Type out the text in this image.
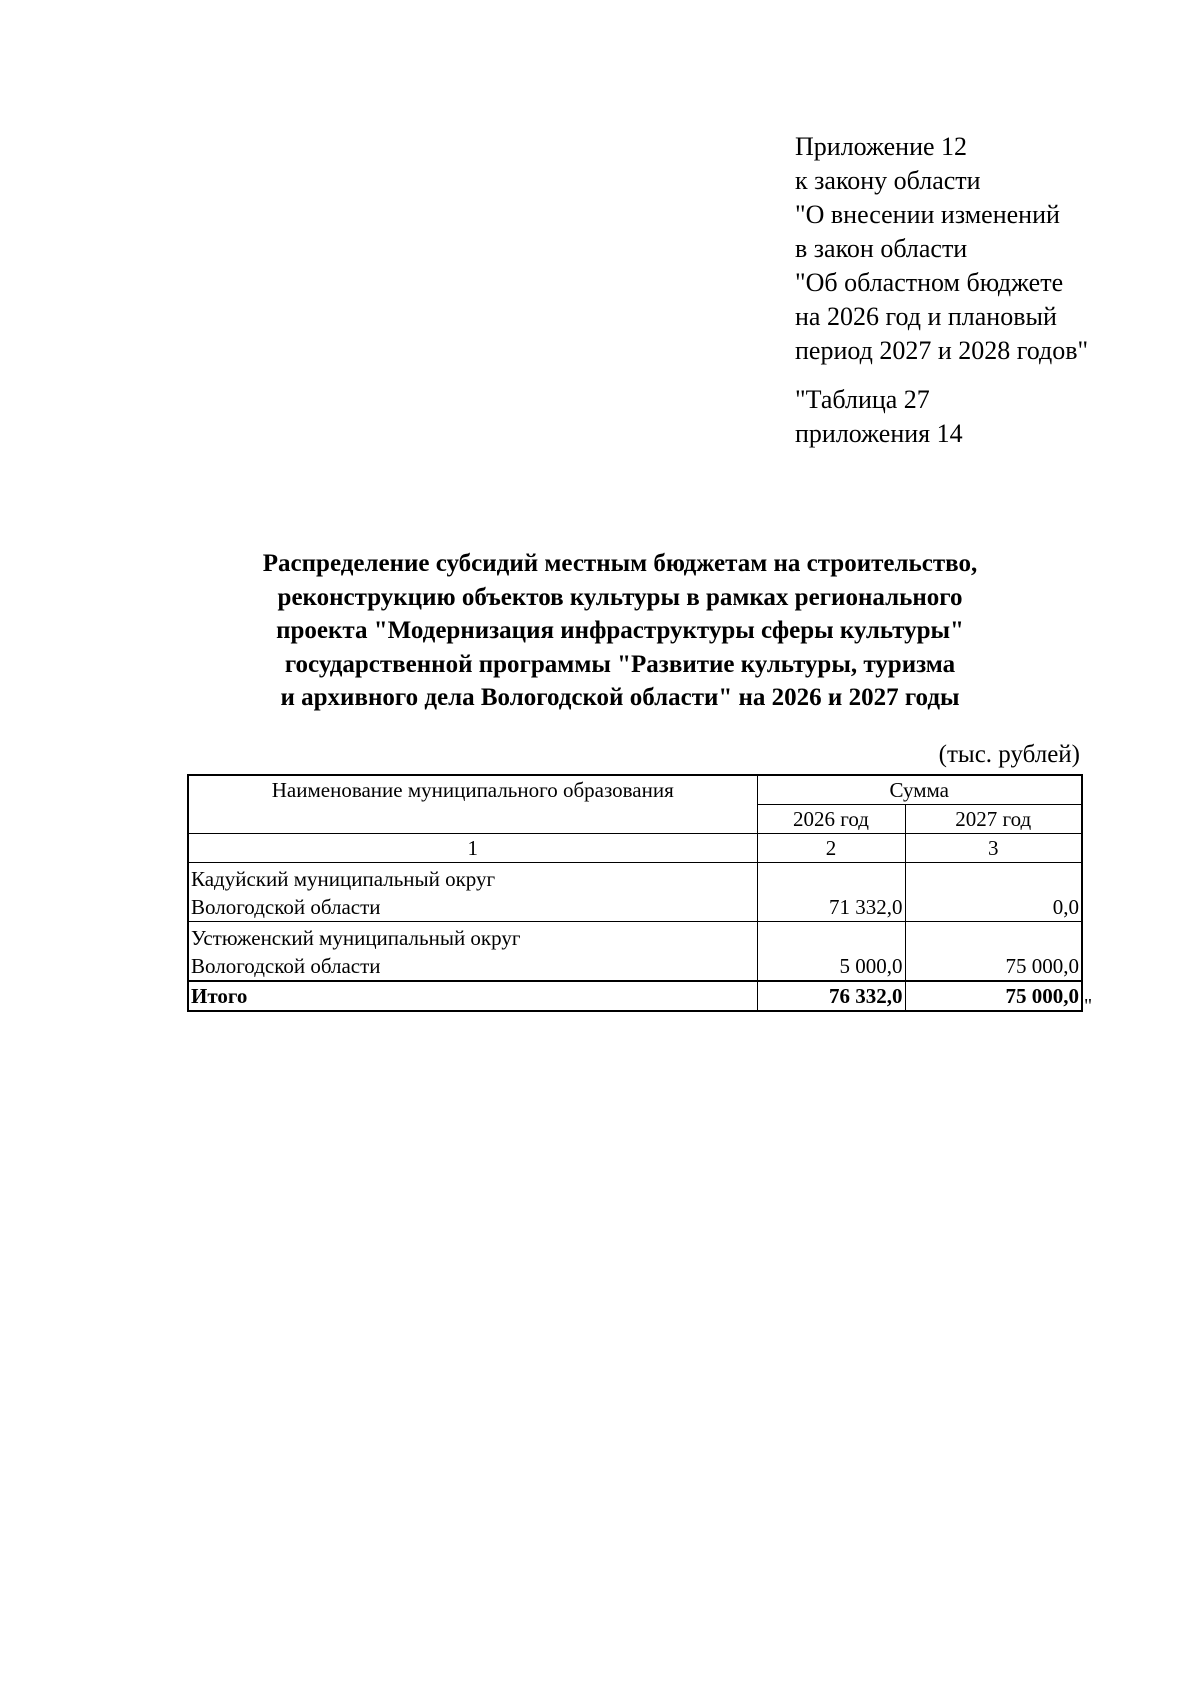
Приложение 12
к закону области
"О внесении изменений
в закон области
"Об областном бюджете
на 2026 год и плановый
период 2027 и 2028 годов"
"Таблица 27
приложения 14
Распределение субсидий местным бюджетам на строительство,
реконструкцию объектов культуры в рамках регионального
проекта "Модернизация инфраструктуры сферы культуры"
государственной программы "Развитие культуры, туризма
и архивного дела Вологодской области" на 2026 и 2027 годы
(тыс. рублей)
Наименование муниципального образования	Сумма	
	2026 год	2027 год
1	2	3

Кадуйский муниципальный округ
Вологодской области	71 332,0	0,0

Устюженский муниципальный округ
Вологодской области	5 000,0	75 000,0
Итого	76 332,0	75 000,0 "
